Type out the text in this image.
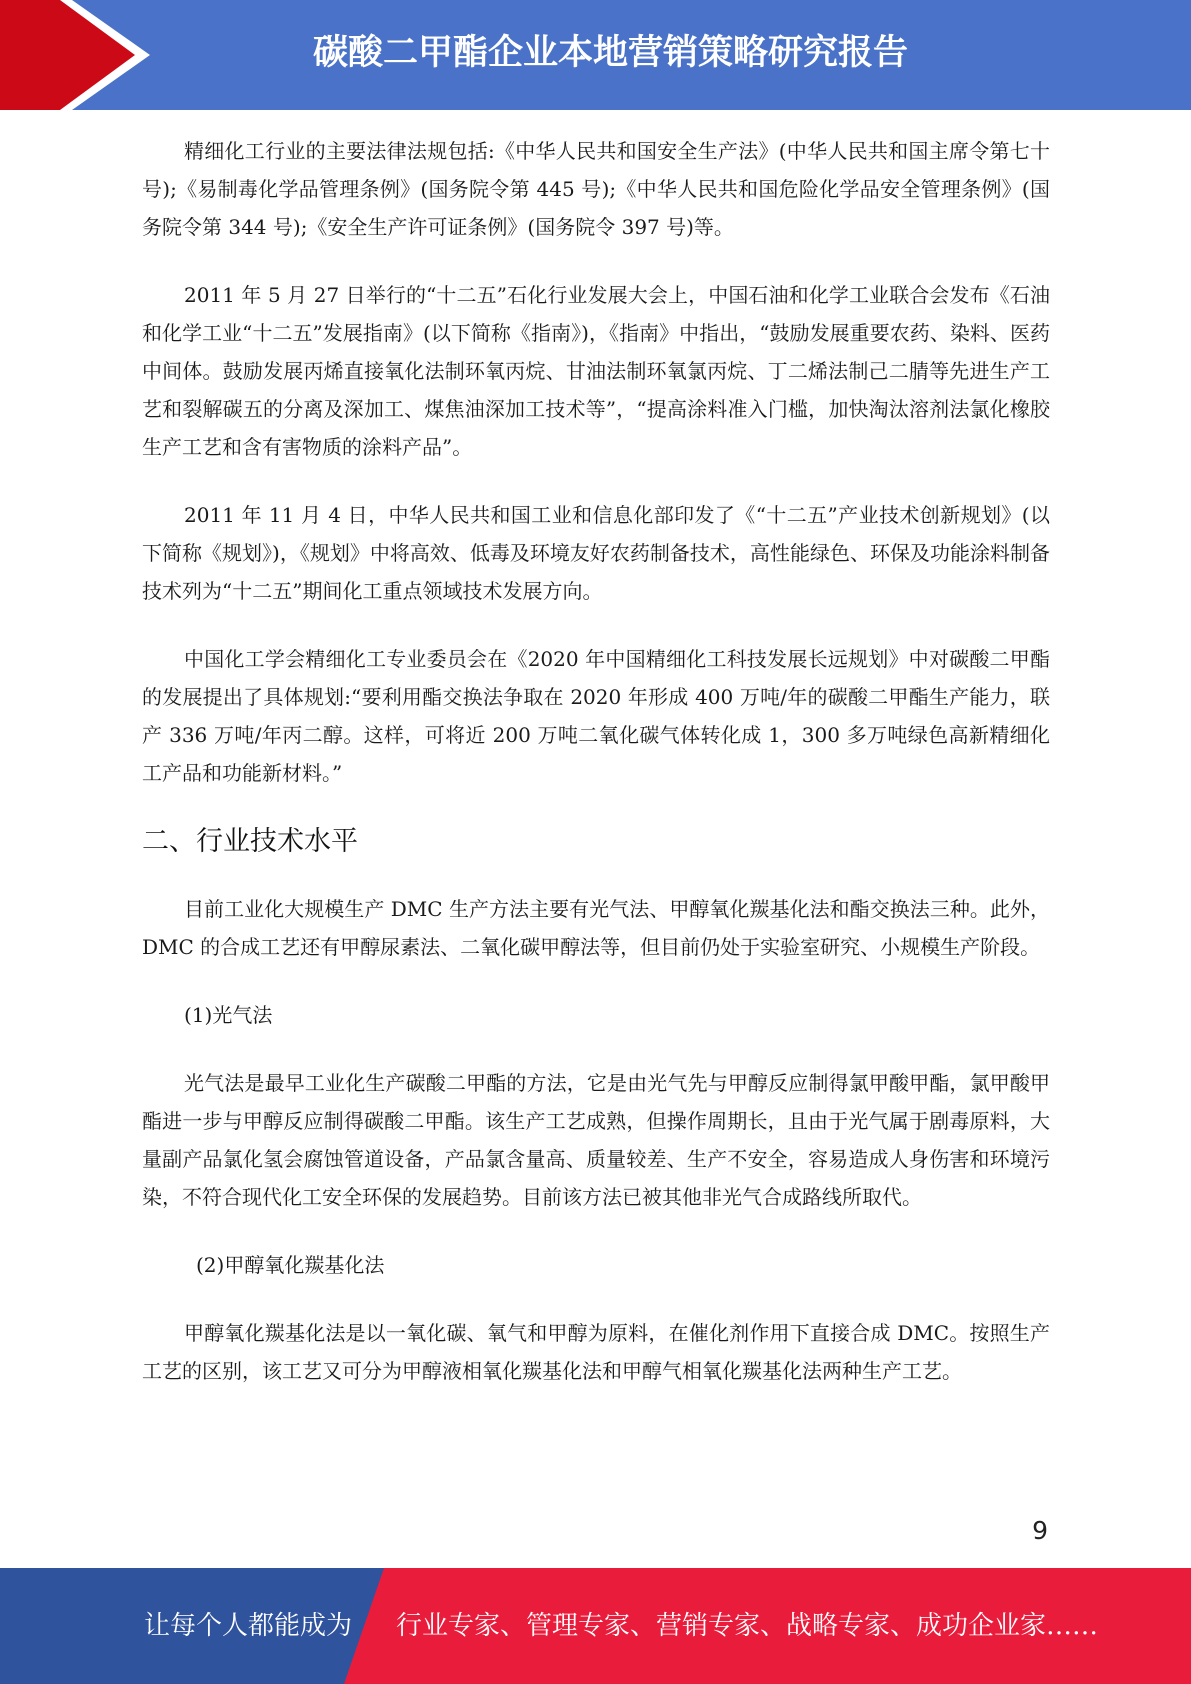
碳酸二甲酯企业本地营销策略研究报告

精细化工行业的主要法律法规包括:《中华人民共和国安全生产法》(中华人民共和国主席令第七十号);《易制毒化学品管理条例》(国务院令第 445 号);《中华人民共和国危险化学品安全管理条例》(国务院令第 344 号);《安全生产许可证条例》(国务院令 397 号)等。

2011 年 5 月 27 日举行的“十二五”石化行业发展大会上，中国石油和化学工业联合会发布《石油和化学工业“十二五”发展指南》(以下简称《指南》)，《指南》中指出，“鼓励发展重要农药、染料、医药中间体。鼓励发展丙烯直接氧化法制环氧丙烷、甘油法制环氧氯丙烷、丁二烯法制己二腈等先进生产工艺和裂解碳五的分离及深加工、煤焦油深加工技术等”，“提高涂料准入门槛，加快淘汰溶剂法氯化橡胶生产工艺和含有害物质的涂料产品”。

2011 年 11 月 4 日，中华人民共和国工业和信息化部印发了《“十二五”产业技术创新规划》(以下简称《规划》)，《规划》中将高效、低毒及环境友好农药制备技术，高性能绿色、环保及功能涂料制备技术列为“十二五”期间化工重点领域技术发展方向。

中国化工学会精细化工专业委员会在《2020 年中国精细化工科技发展长远规划》中对碳酸二甲酯的发展提出了具体规划:“要利用酯交换法争取在 2020 年形成 400 万吨/年的碳酸二甲酯生产能力，联产 336 万吨/年丙二醇。这样，可将近 200 万吨二氧化碳气体转化成 1，300 多万吨绿色高新精细化工产品和功能新材料。”

二、行业技术水平

目前工业化大规模生产 DMC 生产方法主要有光气法、甲醇氧化羰基化法和酯交换法三种。此外，DMC 的合成工艺还有甲醇尿素法、二氧化碳甲醇法等，但目前仍处于实验室研究、小规模生产阶段。

(1)光气法

光气法是最早工业化生产碳酸二甲酯的方法，它是由光气先与甲醇反应制得氯甲酸甲酯，氯甲酸甲酯进一步与甲醇反应制得碳酸二甲酯。该生产工艺成熟，但操作周期长，且由于光气属于剧毒原料，大量副产品氯化氢会腐蚀管道设备，产品氯含量高、质量较差、生产不安全，容易造成人身伤害和环境污染，不符合现代化工安全环保的发展趋势。目前该方法已被其他非光气合成路线所取代。

(2)甲醇氧化羰基化法

甲醇氧化羰基化法是以一氧化碳、氧气和甲醇为原料，在催化剂作用下直接合成 DMC。按照生产工艺的区别，该工艺又可分为甲醇液相氧化羰基化法和甲醇气相氧化羰基化法两种生产工艺。

9
让每个人都能成为 行业专家、管理专家、营销专家、战略专家、成功企业家……
